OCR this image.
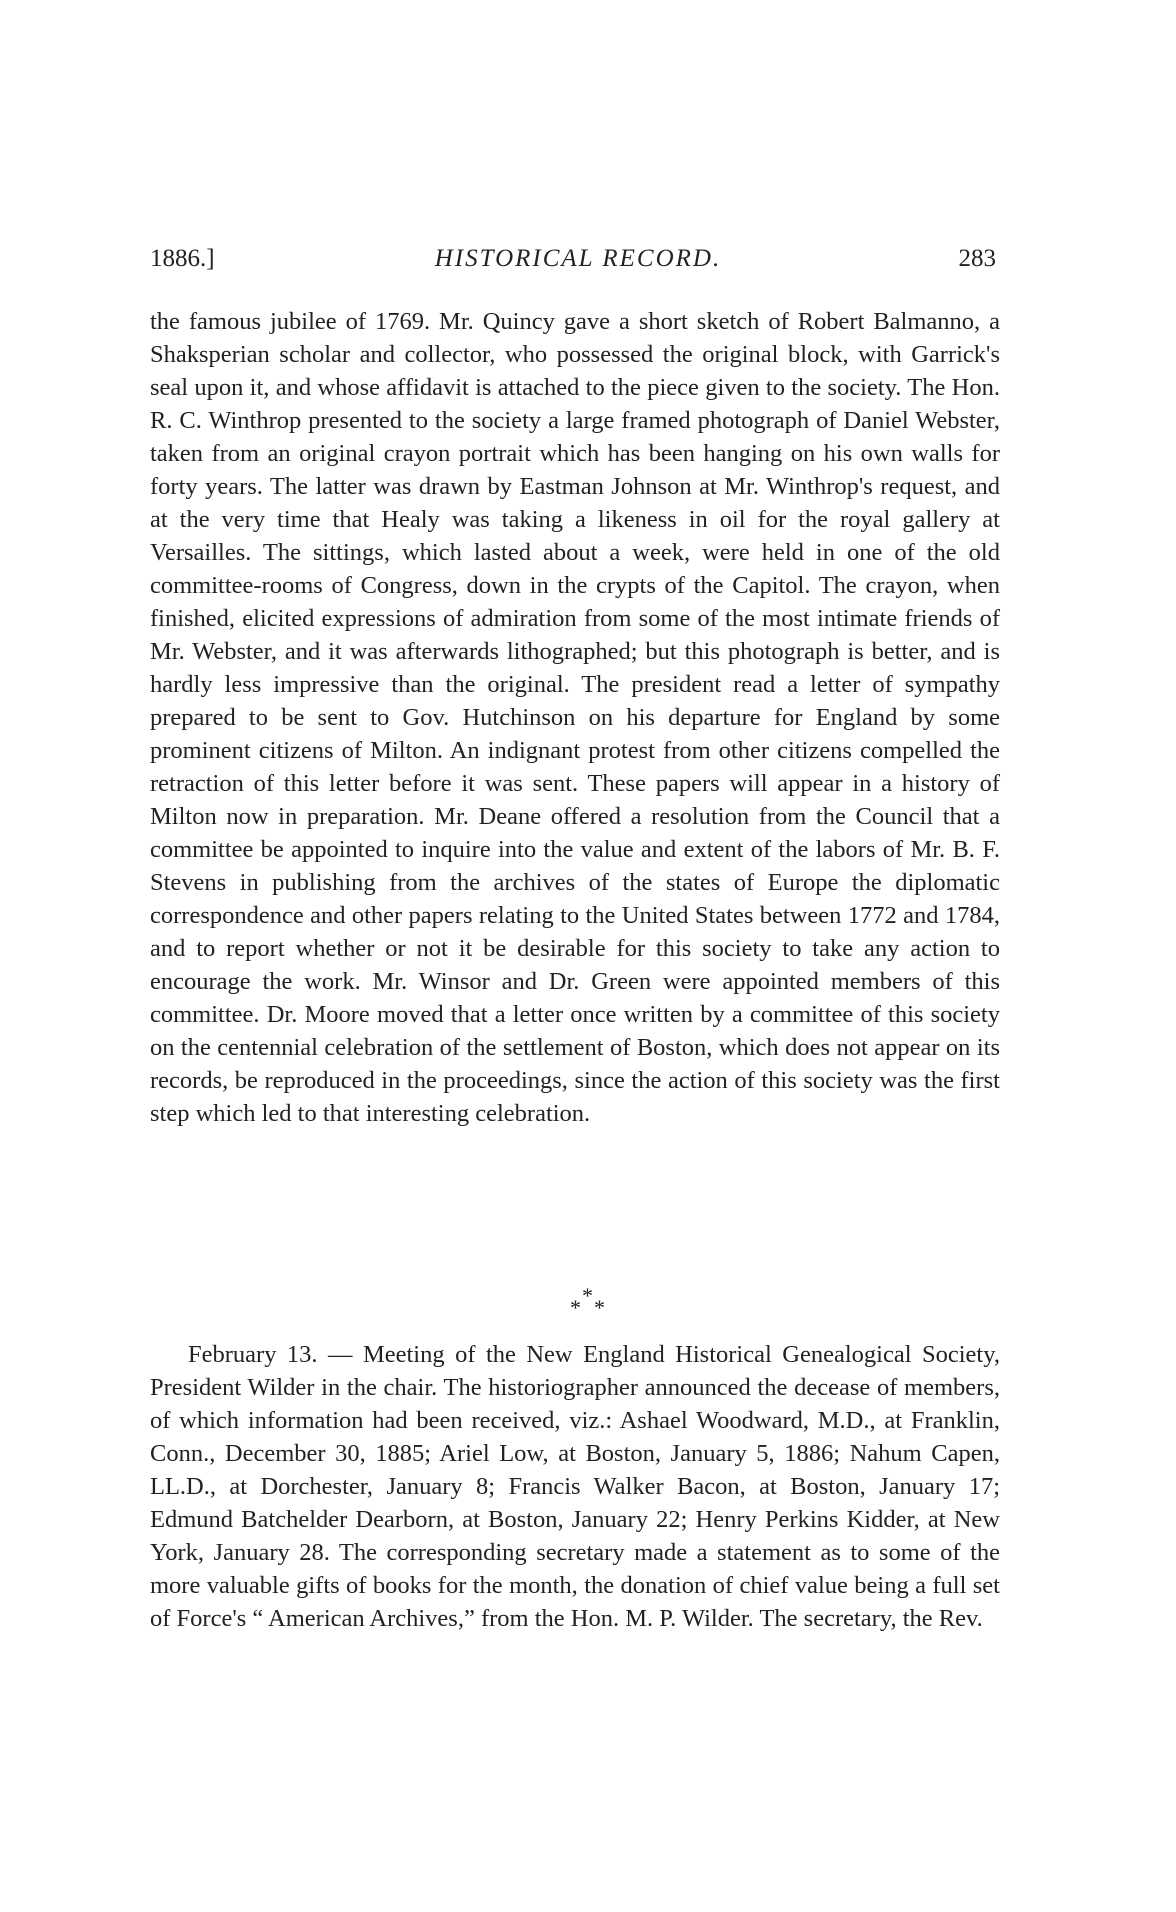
1886.]	HISTORICAL RECORD.	283

the famous jubilee of 1769. Mr. Quincy gave a short sketch of Robert Balmanno, a Shaksperian scholar and collector, who possessed the original block, with Garrick's seal upon it, and whose affidavit is attached to the piece given to the society. The Hon. R. C. Winthrop presented to the society a large framed photograph of Daniel Webster, taken from an original crayon portrait which has been hanging on his own walls for forty years. The latter was drawn by Eastman Johnson at Mr. Winthrop's request, and at the very time that Healy was taking a likeness in oil for the royal gallery at Versailles. The sittings, which lasted about a week, were held in one of the old committee-rooms of Congress, down in the crypts of the Capitol. The crayon, when finished, elicited expressions of admiration from some of the most intimate friends of Mr. Webster, and it was afterwards lithographed; but this photograph is better, and is hardly less impressive than the original. The president read a letter of sympathy prepared to be sent to Gov. Hutchinson on his departure for England by some prominent citizens of Milton. An indignant protest from other citizens compelled the retraction of this letter before it was sent. These papers will appear in a history of Milton now in preparation. Mr. Deane offered a resolution from the Council that a committee be appointed to inquire into the value and extent of the labors of Mr. B. F. Stevens in publishing from the archives of the states of Europe the diplomatic correspondence and other papers relating to the United States between 1772 and 1784, and to report whether or not it be desirable for this society to take any action to encourage the work. Mr. Winsor and Dr. Green were appointed members of this committee. Dr. Moore moved that a letter once written by a committee of this society on the centennial celebration of the settlement of Boston, which does not appear on its records, be reproduced in the proceedings, since the action of this society was the first step which led to that interesting celebration.

*
* *

February 13. — Meeting of the New England Historical Genealogical Society, President Wilder in the chair. The historiographer announced the decease of members, of which information had been received, viz.: Ashael Woodward, M.D., at Franklin, Conn., December 30, 1885; Ariel Low, at Boston, January 5, 1886; Nahum Capen, LL.D., at Dorchester, January 8; Francis Walker Bacon, at Boston, January 17; Edmund Batchelder Dearborn, at Boston, January 22; Henry Perkins Kidder, at New York, January 28. The corresponding secretary made a statement as to some of the more valuable gifts of books for the month, the donation of chief value being a full set of Force's “ American Archives,” from the Hon. M. P. Wilder. The secretary, the Rev.
